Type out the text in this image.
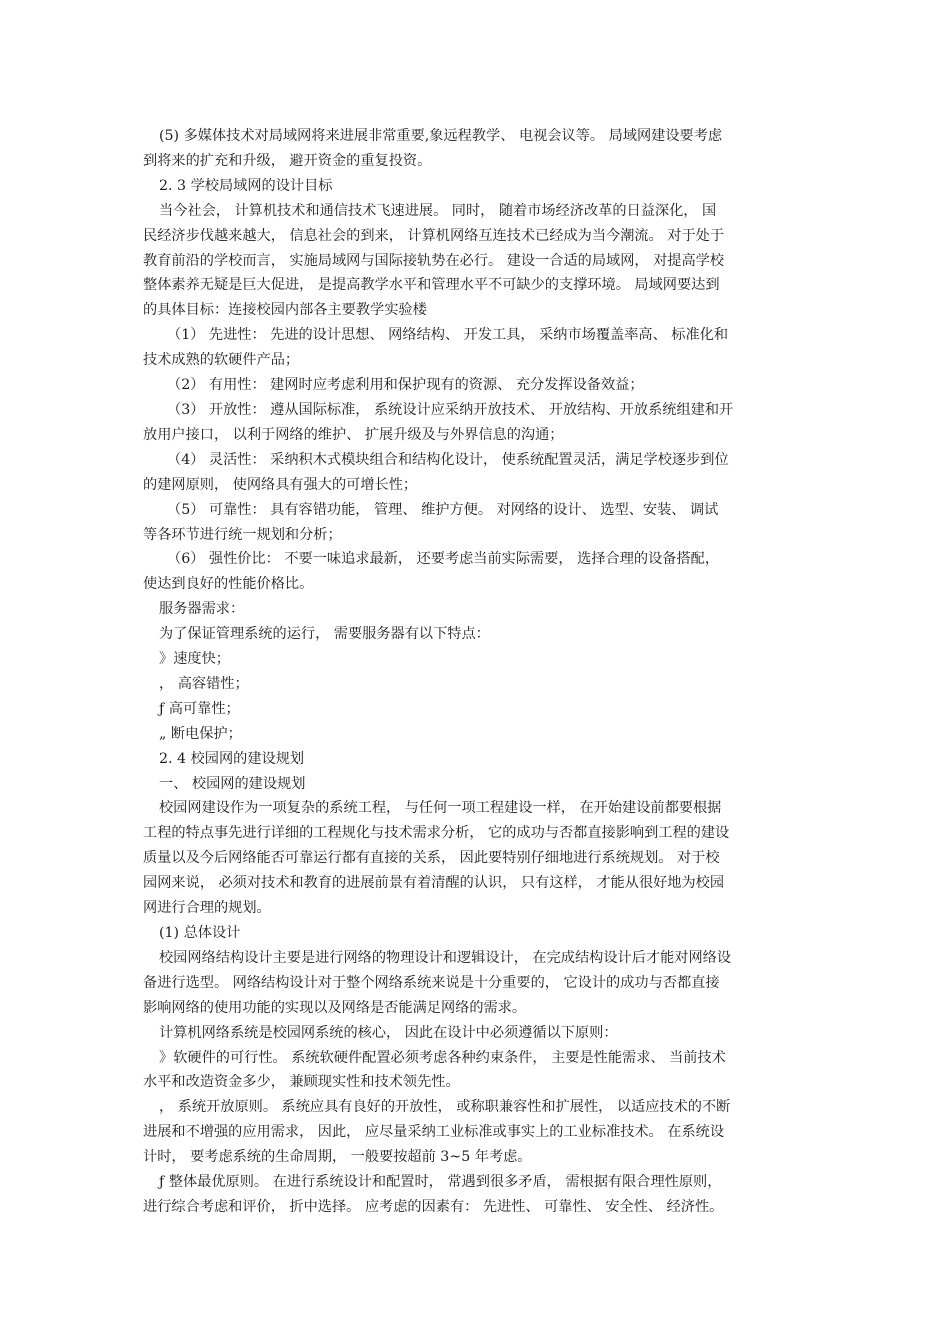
(5) 多媒体技术对局域网将来进展非常重要,象远程教学、 电视会议等。 局域网建设要考虑
到将来的扩充和升级， 避开资金的重复投资。
2. 3 学校局域网的设计目标
当今社会， 计算机技术和通信技术飞速进展。 同时， 随着市场经济改革的日益深化， 国
民经济步伐越来越大， 信息社会的到来， 计算机网络互连技术已经成为当今潮流。 对于处于
教育前沿的学校而言， 实施局域网与国际接轨势在必行。 建设一合适的局域网， 对提高学校
整体素养无疑是巨大促进， 是提高教学水平和管理水平不可缺少的支撑环境。 局域网要达到
的具体目标：连接校园内部各主要教学实验楼
（1） 先进性： 先进的设计思想、 网络结构、 开发工具， 采纳市场覆盖率高、 标准化和
技术成熟的软硬件产品；
（2） 有用性： 建网时应考虑利用和保护现有的资源、 充分发挥设备效益；
（3） 开放性： 遵从国际标准， 系统设计应采纳开放技术、 开放结构、开放系统组建和开
放用户接口， 以利于网络的维护、 扩展升级及与外界信息的沟通；
（4） 灵活性： 采纳积木式模块组合和结构化设计， 使系统配置灵活，满足学校逐步到位
的建网原则， 使网络具有强大的可增长性；
（5） 可靠性： 具有容错功能， 管理、 维护方便。 对网络的设计、 选型、安装、 调试
等各环节进行统一规划和分析；
（6） 强性价比： 不要一味追求最新， 还要考虑当前实际需要， 选择合理的设备搭配，
使达到良好的性能价格比。
服务器需求：
为了保证管理系统的运行， 需要服务器有以下特点：
》速度快；
， 高容错性；
ƒ 高可靠性；
„ 断电保护；
2. 4 校园网的建设规划
一、 校园网的建设规划
校园网建设作为一项复杂的系统工程， 与任何一项工程建设一样， 在开始建设前都要根据
工程的特点事先进行详细的工程规化与技术需求分析， 它的成功与否都直接影响到工程的建设
质量以及今后网络能否可靠运行都有直接的关系， 因此要特别仔细地进行系统规划。 对于校
园网来说， 必须对技术和教育的进展前景有着清醒的认识， 只有这样， 才能从很好地为校园
网进行合理的规划。
(1) 总体设计
校园网络结构设计主要是进行网络的物理设计和逻辑设计， 在完成结构设计后才能对网络设
备进行选型。 网络结构设计对于整个网络系统来说是十分重要的， 它设计的成功与否都直接
影响网络的使用功能的实现以及网络是否能满足网络的需求。
计算机网络系统是校园网系统的核心， 因此在设计中必须遵循以下原则：
》软硬件的可行性。 系统软硬件配置必须考虑各种约束条件， 主要是性能需求、 当前技术
水平和改造资金多少， 兼顾现实性和技术领先性。
， 系统开放原则。 系统应具有良好的开放性， 或称职兼容性和扩展性， 以适应技术的不断
进展和不增强的应用需求， 因此， 应尽量采纳工业标准或事实上的工业标准技术。 在系统设
计时， 要考虑系统的生命周期， 一般要按超前 3~5 年考虑。
ƒ 整体最优原则。 在进行系统设计和配置时， 常遇到很多矛盾， 需根据有限合理性原则，
进行综合考虑和评价， 折中选择。 应考虑的因素有： 先进性、 可靠性、 安全性、 经济性。
